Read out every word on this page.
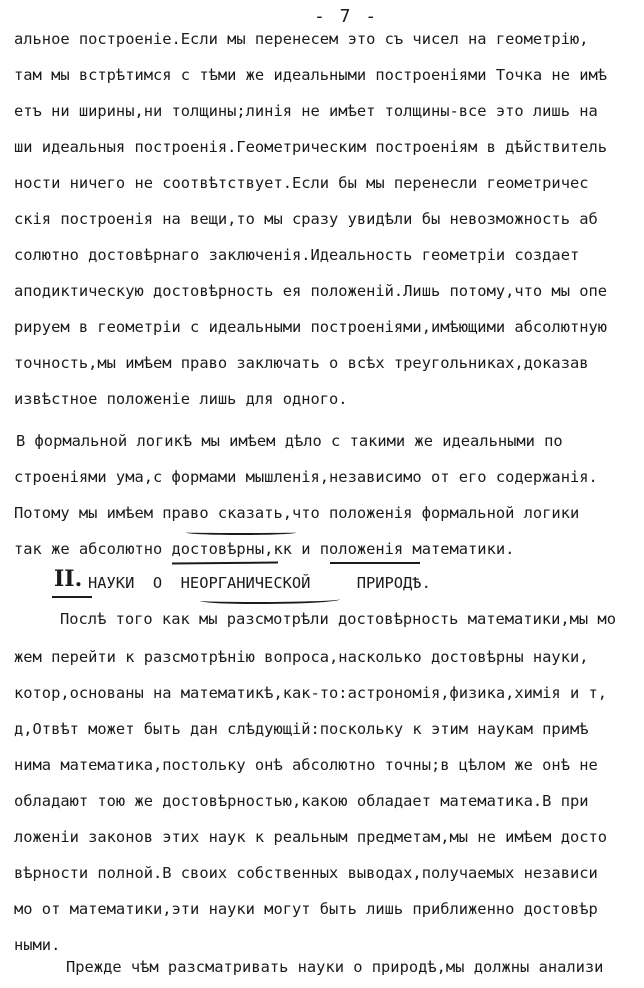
- 7 -
альное построеніе.Если мы перенесем это съ чисел на геометрію,
там мы встрѣтимся с тѣми же идеальными построеніями Точка не имѣ
етъ ни ширины,ни толщины;линія не имѣет толщины-все это лишь на
ши идеальныя построенія.Геометрическим построеніям в дѣйствитель
ности ничего не соотвѣтствует.Если бы мы перенесли геометричес
скія построенія на вещи,то мы сразу увидѣли бы невозможность аб
солютно достовѣрнаго заключенія.Идеальность геометріи создает
аподиктическую достовѣрность ея положеній.Лишь потому,что мы опе
рируем в геометріи с идеальными построеніями,имѣющими абсолютную
точность,мы имѣем право заключать о всѣх треугольниках,доказав
извѣстное положеніе лишь для одного.
В формальной логикѣ мы имѣем дѣло с такими же идеальными по
строеніями ума,с формами мышленія,независимо от его содержанія.
Потому мы имѣем право сказать,что положенія формальной логики
так же абсолютно достовѣрны,кк и положенія математики.
II. НАУКИ  О  НЕОРГАНИЧЕСКОЙ     ПРИРОДѢ.
Послѣ того как мы разсмотрѣли достовѣрность математики,мы мо
жем перейти к разсмотрѣнію вопроса,насколько достовѣрны науки,
котор,основаны на математикѣ,как-то:астрономія,физика,химія и т,
д,Отвѣт может быть дан слѣдующій:поскольку к этим наукам примѣ
нима математика,постольку онѣ абсолютно точны;в цѣлом же онѣ не
обладают тою же достовѣрностью,какою обладает математика.В при
ложеніи законов этих наук к реальным предметам,мы не имѣем досто
вѣрности полной.В своих собственных выводах,получаемых независи
мо от математики,эти науки могут быть лишь приближенно достовѣр
ными.
Прежде чѣм разсматривать науки о природѣ,мы должны анализи
